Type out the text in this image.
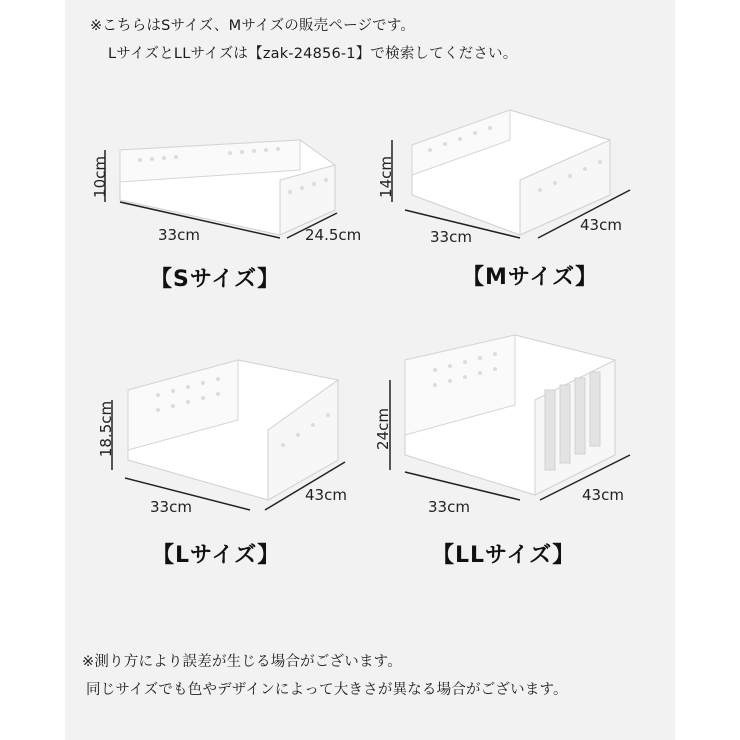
※こちらはSサイズ、Mサイズの販売ページです。
LサイズとLLサイズは【zak-24856-1】で検索してください。
10cm
33cm	24.5cm
【Sサイズ】
14cm
33cm
43cm
【Mサイズ】
18.5cm
33cm
43cm
【Lサイズ】
24cm
33cm
43cm
【LLサイズ】
※測り方により誤差が生じる場合がございます。
同じサイズでも色やデザインによって大きさが異なる場合がございます。
